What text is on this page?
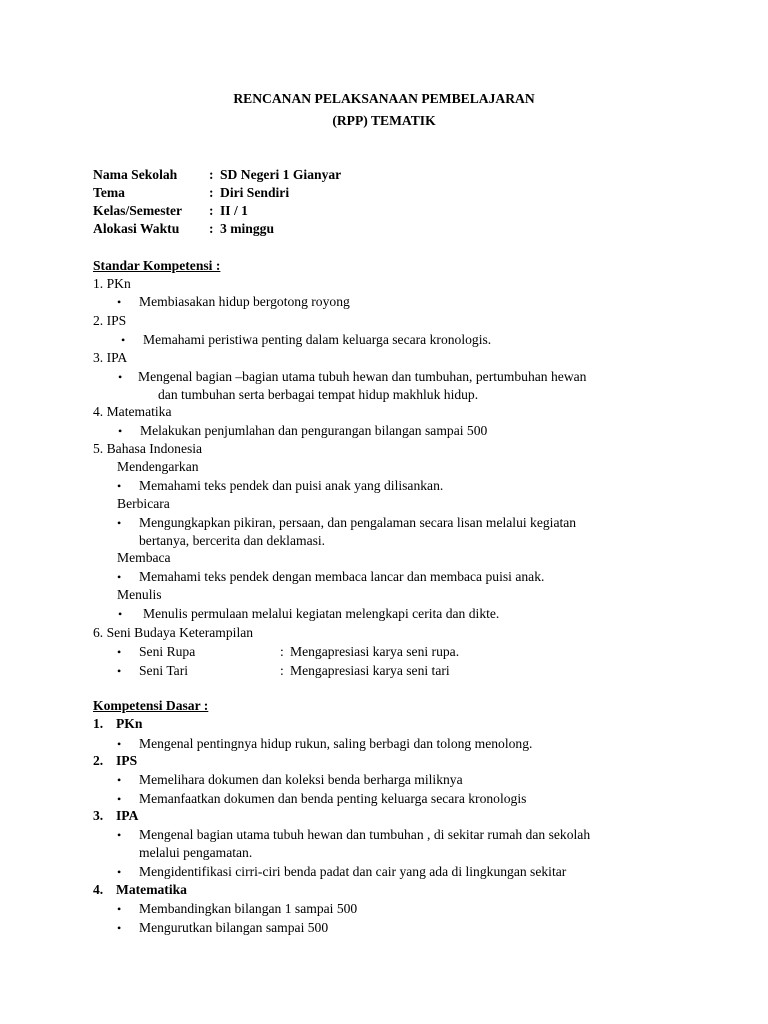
RENCANAN PELAKSANAAN PEMBELAJARAN
(RPP) TEMATIK
Nama Sekolah : SD Negeri 1 Gianyar
Tema	: Diri Sendiri
Kelas/Semester : II / 1
Alokasi Waktu : 3 minggu
Standar Kompetensi :
1. PKn
• Membiasakan hidup bergotong royong
2. IPS
• Memahami peristiwa penting dalam keluarga secara kronologis.
3. IPA
• Mengenal bagian –bagian utama tubuh hewan dan tumbuhan, pertumbuhan hewan
dan tumbuhan serta berbagai tempat hidup makhluk hidup.
4. Matematika
• Melakukan penjumlahan dan pengurangan bilangan sampai 500
5. Bahasa Indonesia
Mendengarkan
• Memahami teks pendek dan puisi anak yang dilisankan.
Berbicara
• Mengungkapkan pikiran, persaan, dan pengalaman secara lisan melalui kegiatan
bertanya, bercerita dan deklamasi.
Membaca
• Memahami teks pendek dengan membaca lancar dan membaca puisi anak.
Menulis
• Menulis permulaan melalui kegiatan melengkapi cerita dan dikte.
6. Seni Budaya Keterampilan
• Seni Rupa	: Mengapresiasi karya seni rupa.
• Seni Tari	: Mengapresiasi karya seni tari
Kompetensi Dasar :
1. PKn
• Mengenal pentingnya hidup rukun, saling berbagi dan tolong menolong.
2. IPS
• Memelihara dokumen dan koleksi benda berharga miliknya
• Memanfaatkan dokumen dan benda penting keluarga secara kronologis
3. IPA
• Mengenal bagian utama tubuh hewan dan tumbuhan , di sekitar rumah dan sekolah
melalui pengamatan.
• Mengidentifikasi cirri-ciri benda padat dan cair yang ada di lingkungan sekitar
4. Matematika
• Membandingkan bilangan 1 sampai 500
• Mengurutkan bilangan sampai 500
